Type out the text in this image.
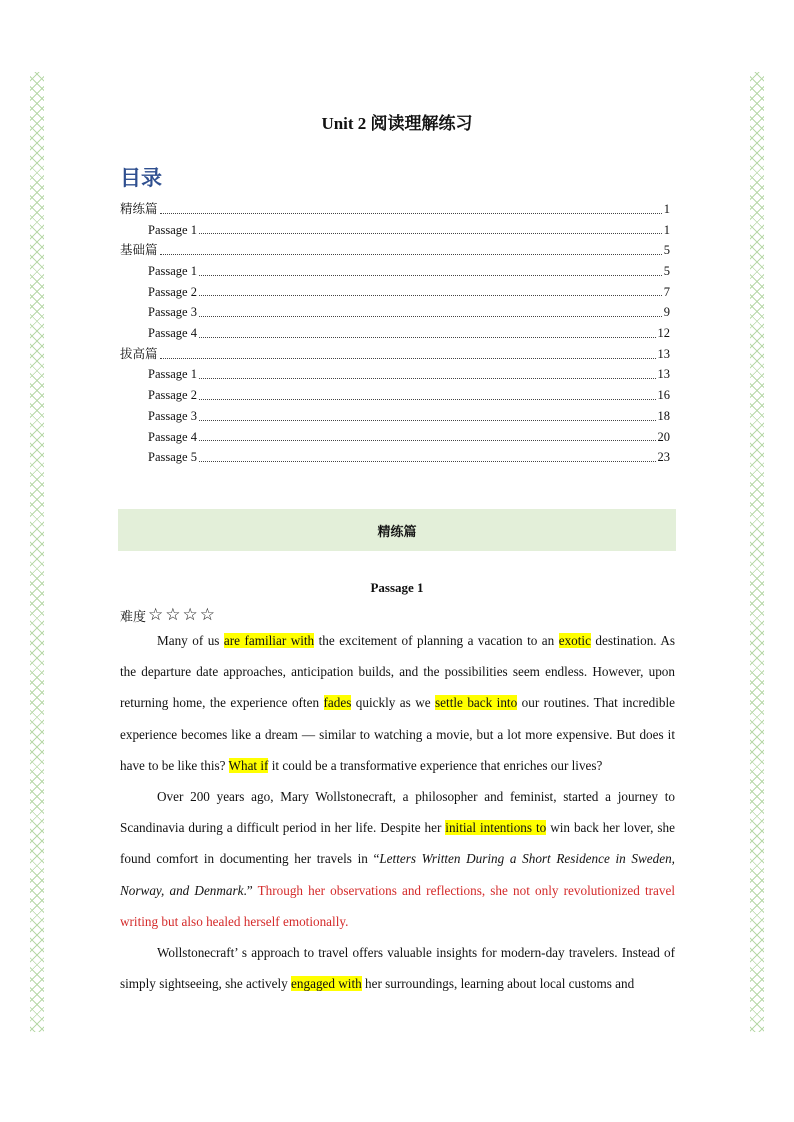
Unit 2 阅读理解练习
目录
精练篇	1
Passage 1	1
基础篇	5
Passage 1	5
Passage 2	7
Passage 3	9
Passage 4	12
拔高篇	13
Passage 1	13
Passage 2	16
Passage 3	18
Passage 4	20
Passage 5	23
精练篇
Passage 1
难度 ☆ ☆ ☆ ☆

Many of us are familiar with the excitement of planning a vacation to an exotic destination. As the departure date approaches, anticipation builds, and the possibilities seem endless. However, upon returning home, the experience often fades quickly as we settle back into our routines. That incredible experience becomes like a dream — similar to watching a movie, but a lot more expensive. But does it have to be like this? What if it could be a transformative experience that enriches our lives?

Over 200 years ago, Mary Wollstonecraft, a philosopher and feminist, started a journey to Scandinavia during a difficult period in her life. Despite her initial intentions to win back her lover, she found comfort in documenting her travels in “Letters Written During a Short Residence in Sweden, Norway, and Denmark.” Through her observations and reflections, she not only revolutionized travel writing but also healed herself emotionally.

Wollstonecraft’ s approach to travel offers valuable insights for modern-day travelers. Instead of simply sightseeing, she actively engaged with her surroundings, learning about local customs and
